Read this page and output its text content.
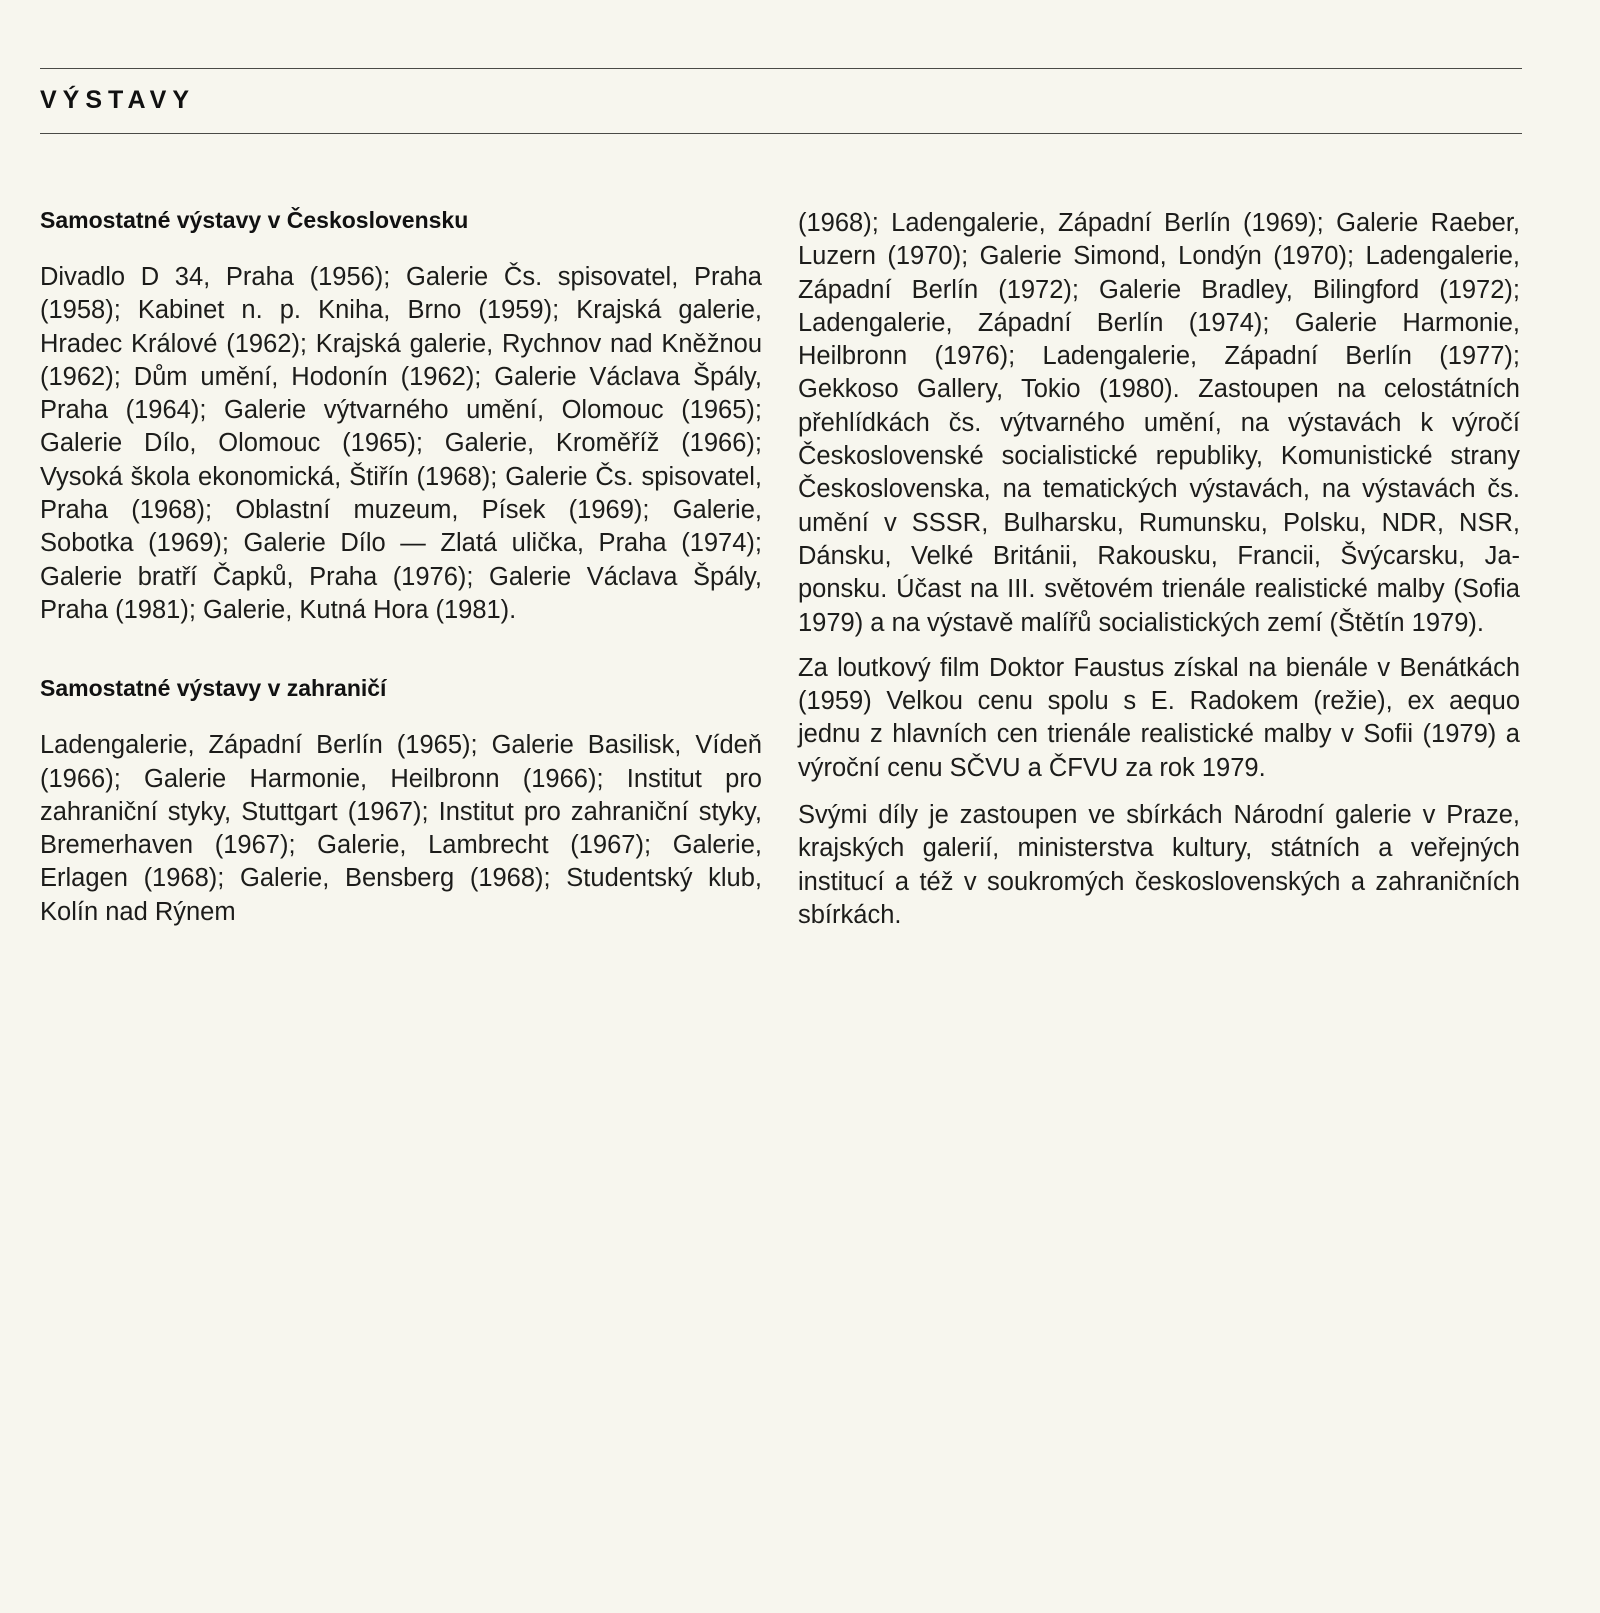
VÝSTAVY
Samostatné výstavy v Československu

Divadlo D 34, Praha (1956); Galerie Čs. spisovatel, Praha (1958); Kabinet n. p. Kniha, Brno (1959); Krajská galerie, Hradec Králové (1962); Krajská galerie, Rychnov nad Kněžnou (1962); Dům umění, Hodonín (1962); Galerie Václava Špály, Praha (1964); Galerie výtvarného umění, Olomouc (1965); Galerie Dílo, Olomouc (1965); Galerie, Kroměříž (1966); Vysoká škola ekonomická, Štiřín (1968); Galerie Čs. spisovatel, Praha (1968); Oblastní muzeum, Písek (1969); Galerie, Sobotka (1969); Galerie Dílo — Zlatá ulička, Praha (1974); Galerie bratří Čapků, Praha (1976); Galerie Václava Špály, Praha (1981); Galerie, Kutná Hora (1981).

Samostatné výstavy v zahraničí

Ladengalerie, Západní Berlín (1965); Galerie Basilisk, Vídeň (1966); Galerie Harmonie, Heilbronn (1966); Institut pro zahraniční styky, Stuttgart (1967); Institut pro zahraniční styky, Bremerhaven (1967); Galerie, Lambrecht (1967); Galerie, Erlagen (1968); Galerie, Bensberg (1968); Studentský klub, Kolín nad Rýnem

(1968); Ladengalerie, Západní Berlín (1969); Galerie Raeber, Luzern (1970); Galerie Simond, Londýn (1970); Ladengalerie, Západní Berlín (1972); Galerie Bradley, Bilingford (1972); Ladengalerie, Západní Berlín (1974); Galerie Harmonie, Heilbronn (1976); Ladengalerie, Západní Berlín (1977); Gekkoso Gallery, Tokio (1980). Zastoupen na celostátních přehlídkách čs. výtvarného umění, na výstavách k výročí Československé socialistické republiky, Komunistické strany Československa, na tematických výstavách, na výstavách čs. umění v SSSR, Bulharsku, Rumunsku, Polsku, NDR, NSR, Dánsku, Velké Británii, Rakousku, Francii, Švýcarsku, Japonsku. Účast na III. světovém trienále realistické malby (Sofia 1979) a na výstavě malířů socialistických zemí (Štětín 1979).

Za loutkový film Doktor Faustus získal na bienále v Benátkách (1959) Velkou cenu spolu s E. Radokem (režie), ex aequo jednu z hlavních cen trienále realistické malby v Sofii (1979) a výroční cenu SČVU a ČFVU za rok 1979.

Svými díly je zastoupen ve sbírkách Národní galerie v Praze, krajských galerií, ministerstva kultury, státních a veřejných institucí a též v soukromých československých a zahraničních sbírkách.
